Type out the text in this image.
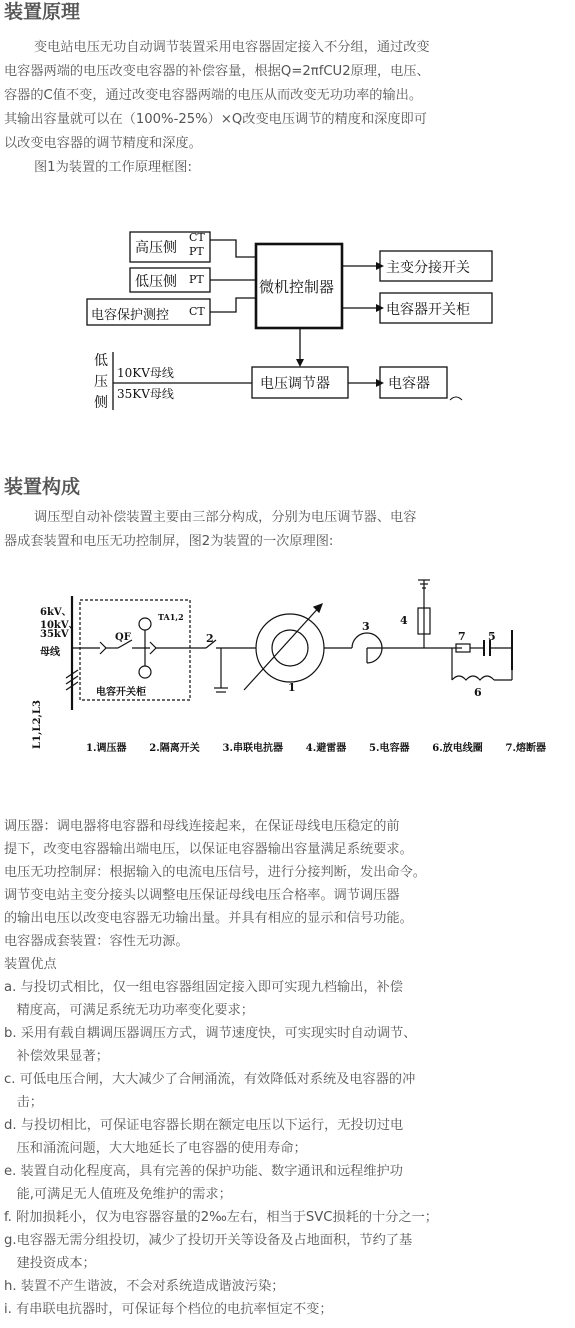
装置原理
变电站电压无功自动调节装置采用电容器固定接入不分组，通过改变
电容器两端的电压改变电容器的补偿容量，根据Q=2πfCU2原理，电压、
容器的C值不变，通过改变电容器两端的电压从而改变无功功率的输出。
其输出容量就可以在（100%-25%）×Q改变电压调节的精度和深度即可
以改变电容器的调节精度和深度。
图1为装置的工作原理框图:
高压侧
CT
PT
低压侧 PT
电容保护测控 CT
微机控制器
主变分接开关
电容器开关柜
低
压
侧
10KV母线
35KV母线
电压调节器	电容器
装置构成
调压型自动补偿装置主要由三部分构成，分别为电压调节器、电容
器成套装置和电压无功控制屏，图2为装置的一次原理图:
6kV、
10kV、
35kV
母线
L1,L2,L3
TA1,2
QF
电容开关柜	1
2
3	4
5
6
7
1.调压器 2.隔离开关 3.串联电抗器 4.避雷器 5.电容器 6.放电线圈 7.熔断器
调压器：调电器将电容器和母线连接起来，在保证母线电压稳定的前
提下，改变电容器输出端电压，以保证电容器输出容量满足系统要求。
电压无功控制屏：根据输入的电流电压信号，进行分接判断，发出命令。
调节变电站主变分接头以调整电压保证母线电压合格率。调节调压器
的输出电压以改变电容器无功输出量。并具有相应的显示和信号功能。
电容器成套装置：容性无功源。
装置优点
a. 与投切式相比，仅一组电容器组固定接入即可实现九档输出，补偿
精度高，可满足系统无功功率变化要求；
b. 采用有载自耦调压器调压方式，调节速度快，可实现实时自动调节、
补偿效果显著；
c. 可低电压合闸，大大减少了合闸涌流，有效降低对系统及电容器的冲
击；
d. 与投切相比，可保证电容器长期在额定电压以下运行，无投切过电
压和涌流问题，大大地延长了电容器的使用寿命；
e. 装置自动化程度高，具有完善的保护功能、数字通讯和远程维护功
能,可满足无人值班及免维护的需求；
f. 附加损耗小，仅为电容器容量的2‰左右，相当于SVC损耗的十分之一；
g.电容器无需分组投切，减少了投切开关等设备及占地面积，节约了基
建投资成本；
h. 装置不产生谐波，不会对系统造成谐波污染；
i. 有串联电抗器时，可保证每个档位的电抗率恒定不变；
